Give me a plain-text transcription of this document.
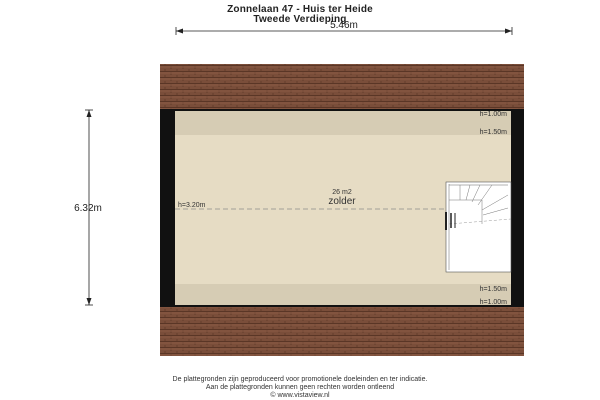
Zonnelaan 47 - Huis ter Heide
Tweede Verdieping
5.46m
6.32m
h=1.00m
h=1.50m
h=3.20m
h=1.50m
h=1.00m
26 m2
zolder
De plattegronden zijn geproduceerd voor promotionele doeleinden en ter indicatie.
Aan de plattegronden kunnen geen rechten worden ontleend
© www.vistaview.nl
